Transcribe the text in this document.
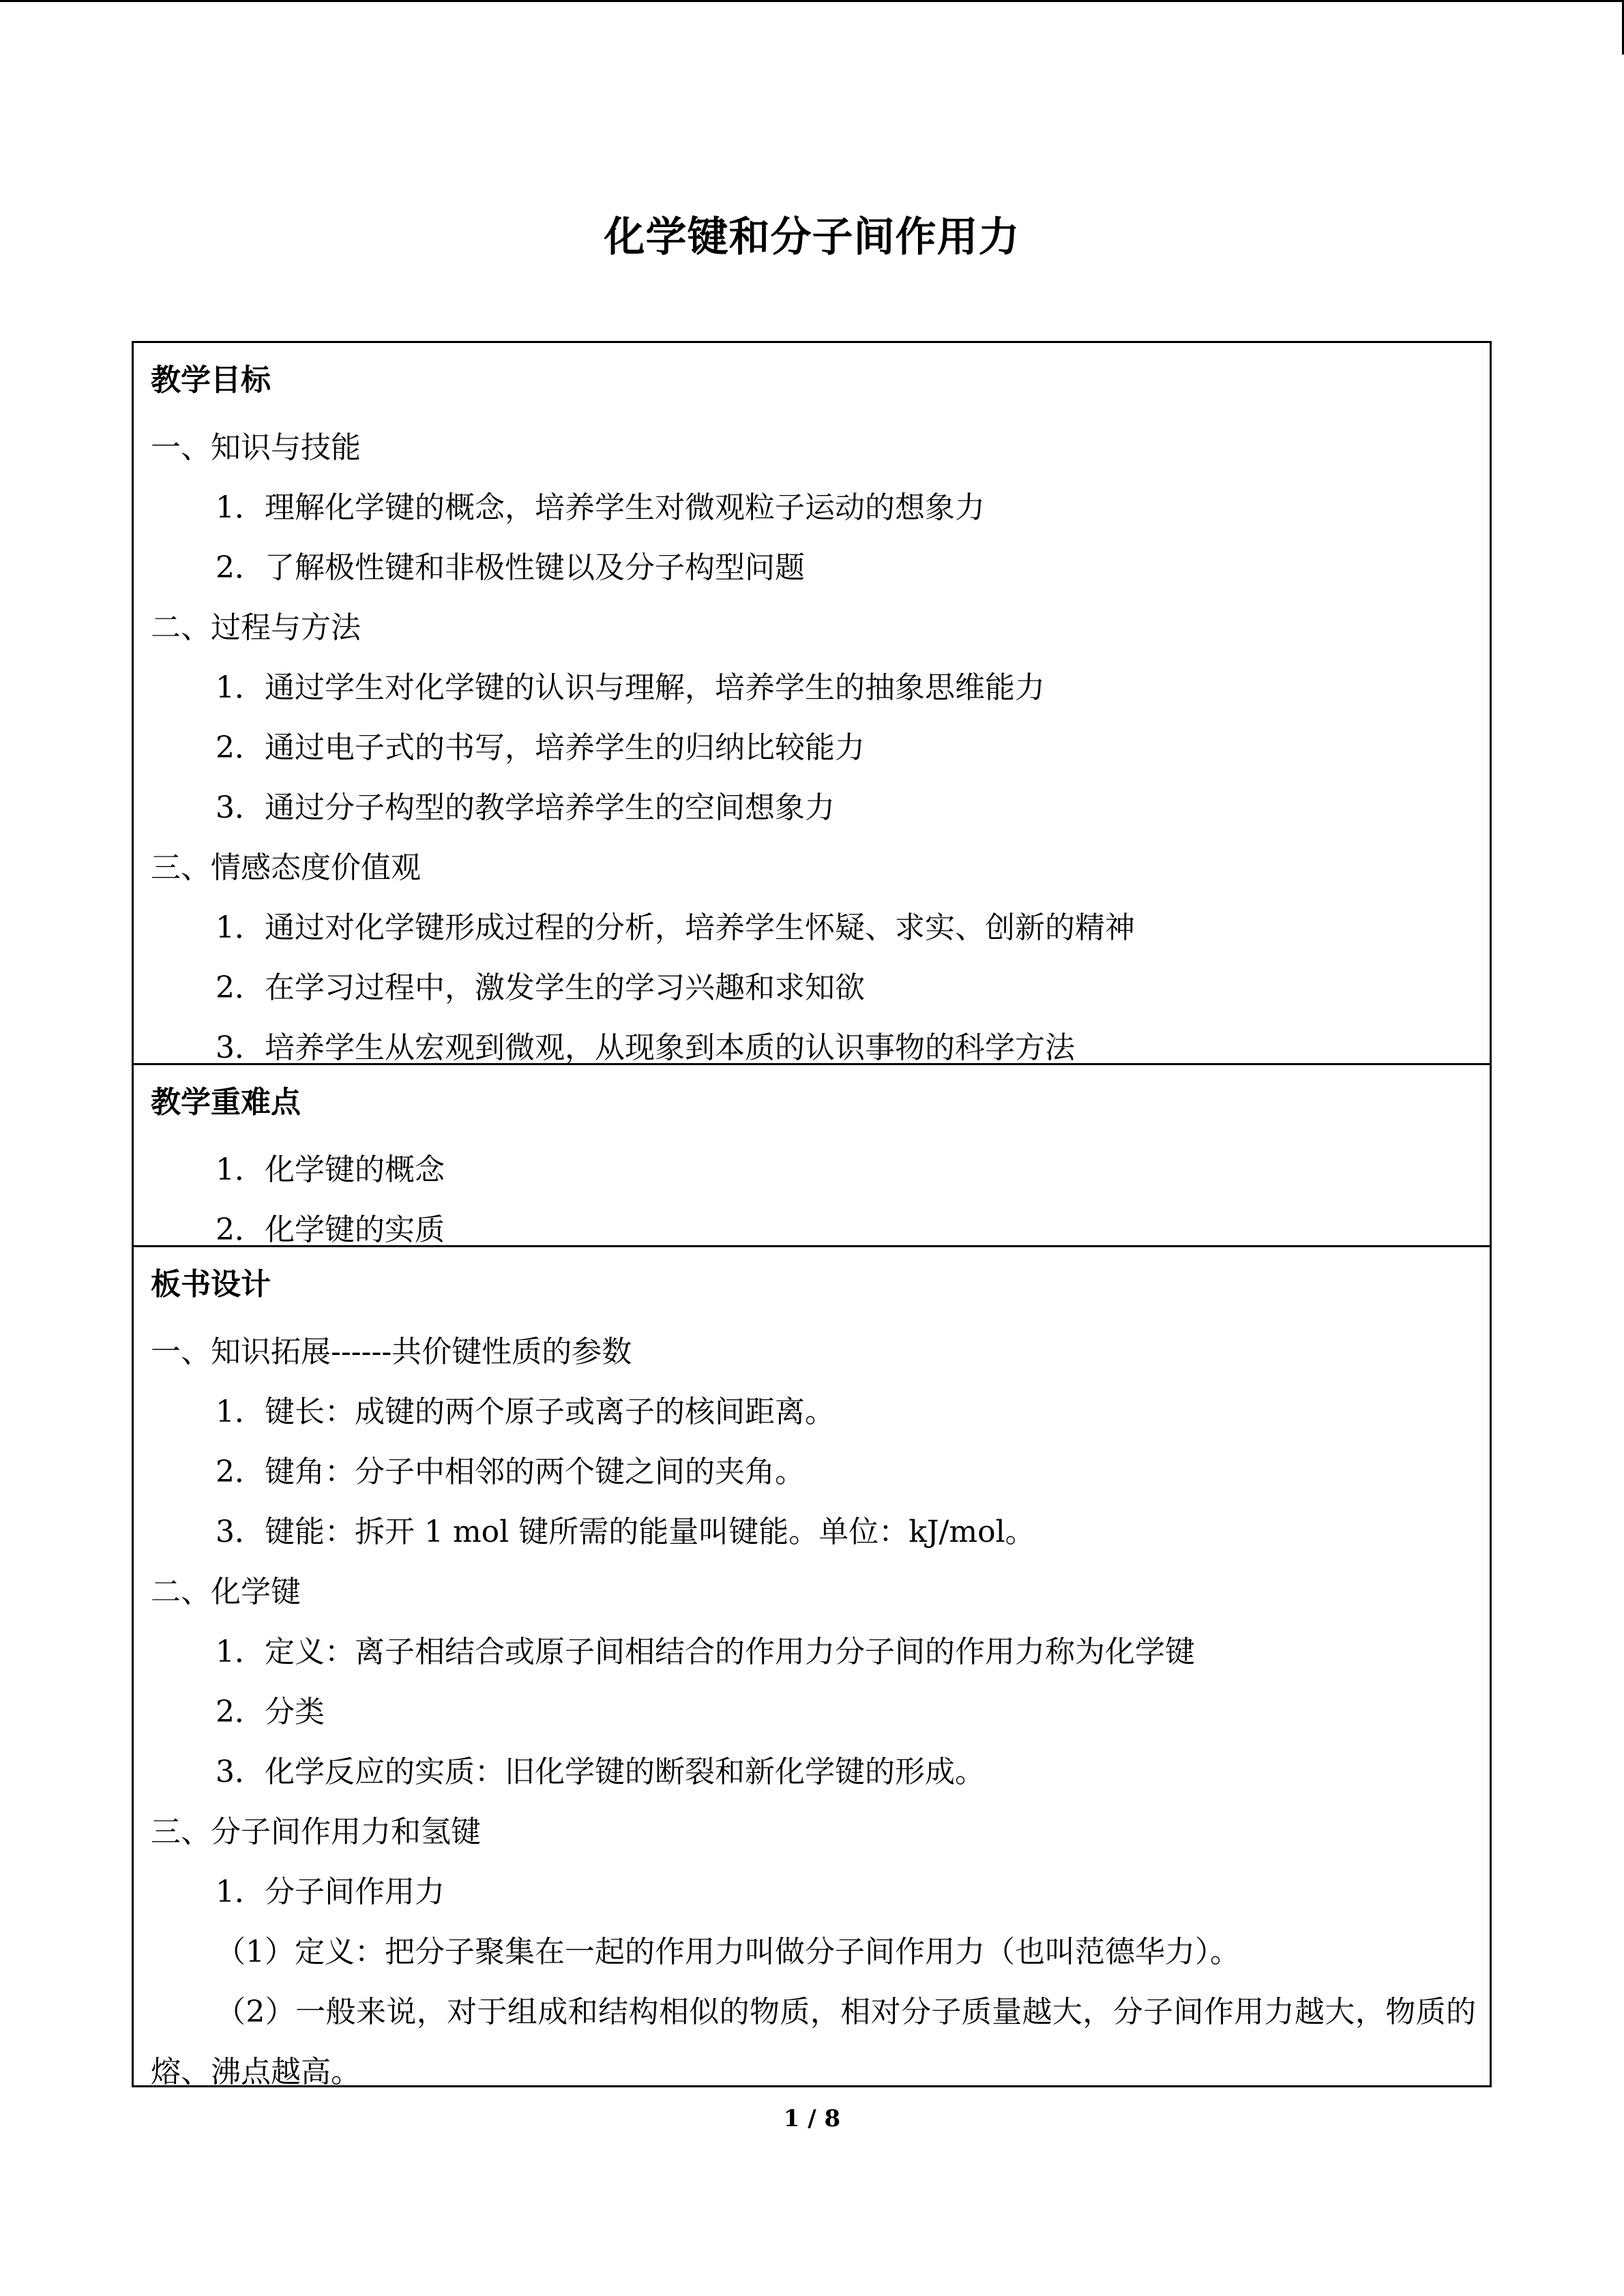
化学键和分子间作用力
教学目标
一、知识与技能
1．理解化学键的概念，培养学生对微观粒子运动的想象力
2．了解极性键和非极性键以及分子构型问题
二、过程与方法
1．通过学生对化学键的认识与理解，培养学生的抽象思维能力
2．通过电子式的书写，培养学生的归纳比较能力
3．通过分子构型的教学培养学生的空间想象力
三、情感态度价值观
1．通过对化学键形成过程的分析，培养学生怀疑、求实、创新的精神
2．在学习过程中，激发学生的学习兴趣和求知欲
3．培养学生从宏观到微观，从现象到本质的认识事物的科学方法
教学重难点
1．化学键的概念
2．化学键的实质
板书设计
一、知识拓展------共价键性质的参数
1．键长：成键的两个原子或离子的核间距离。
2．键角：分子中相邻的两个键之间的夹角。
3．键能：拆开 1 mol 键所需的能量叫键能。单位：kJ/mol。
二、化学键
1．定义：离子相结合或原子间相结合的作用力分子间的作用力称为化学键
2．分类
3．化学反应的实质：旧化学键的断裂和新化学键的形成。
三、分子间作用力和氢键
1．分子间作用力
（1）定义：把分子聚集在一起的作用力叫做分子间作用力（也叫范德华力）。
（2）一般来说，对于组成和结构相似的物质，相对分子质量越大，分子间作用力越大，物质的熔、沸点越高。
1 / 8
